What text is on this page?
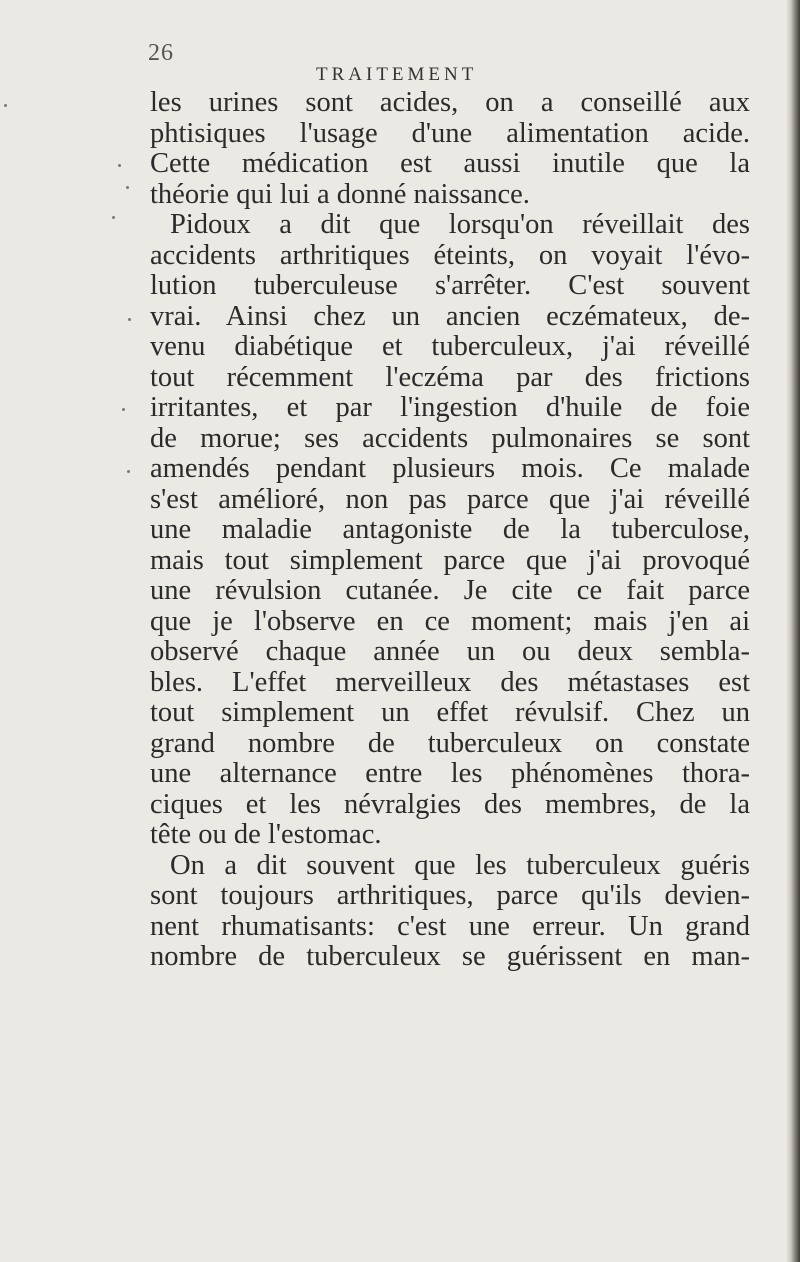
26
TRAITEMENT
les urines sont acides, on a conseillé aux
phtisiques l'usage d'une alimentation acide.
Cette médication est aussi inutile que la
théorie qui lui a donné naissance.
Pidoux a dit que lorsqu'on réveillait des
accidents arthritiques éteints, on voyait l'évo-
lution tuberculeuse s'arrêter. C'est souvent
vrai. Ainsi chez un ancien eczémateux, de-
venu diabétique et tuberculeux, j'ai réveillé
tout récemment l'eczéma par des frictions
irritantes, et par l'ingestion d'huile de foie
de morue; ses accidents pulmonaires se sont
amendés pendant plusieurs mois. Ce malade
s'est amélioré, non pas parce que j'ai réveillé
une maladie antagoniste de la tuberculose,
mais tout simplement parce que j'ai provoqué
une révulsion cutanée. Je cite ce fait parce
que je l'observe en ce moment; mais j'en ai
observé chaque année un ou deux sembla-
bles. L'effet merveilleux des métastases est
tout simplement un effet révulsif. Chez un
grand nombre de tuberculeux on constate
une alternance entre les phénomènes thora-
ciques et les névralgies des membres, de la
tête ou de l'estomac.
On a dit souvent que les tuberculeux guéris
sont toujours arthritiques, parce qu'ils devien-
nent rhumatisants: c'est une erreur. Un grand
nombre de tuberculeux se guérissent en man-
